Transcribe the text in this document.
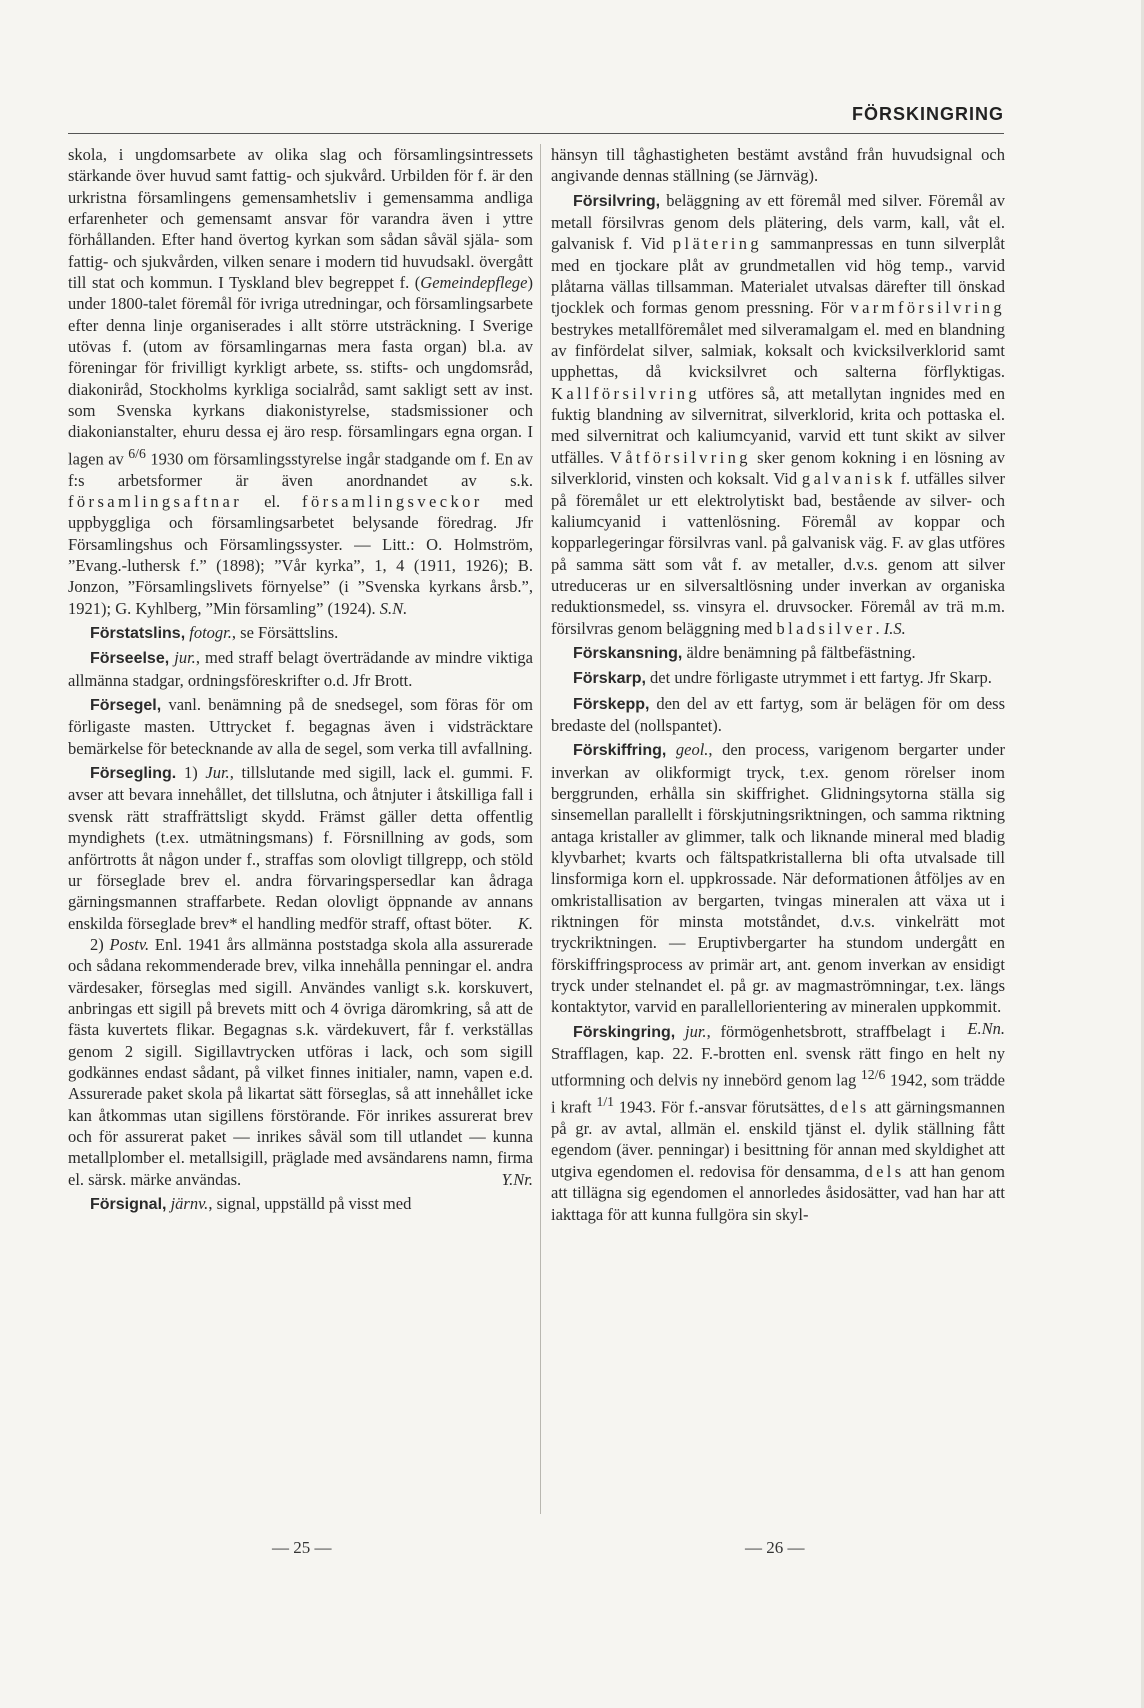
FÖRSKINGRING

skola, i ungdomsarbete av olika slag och församlingsintressets stärkande över huvud samt fattig- och sjukvård. Urbilden för f. är den urkristna församlingens gemensamhetsliv i gemensamma andliga erfarenheter och gemensamt ansvar för varandra även i yttre förhållanden. Efter hand övertog kyrkan som sådan såväl själa- som fattig- och sjukvården, vilken senare i modern tid huvudsakl. övergått till stat och kommun. I Tyskland blev begreppet f. (Gemeindepflege) under 1800-talet föremål för ivriga utredningar, och församlingsarbete efter denna linje organiserades i allt större utsträckning. I Sverige utövas f. (utom av församlingarnas mera fasta organ) bl.a. av föreningar för frivilligt kyrkligt arbete, ss. stifts- och ungdomsråd, diakoniråd, Stockholms kyrkliga socialråd, samt sakligt sett av inst. som Svenska kyrkans diakonistyrelse, stadsmissioner och diakonianstalter, ehuru dessa ej äro resp. församlingars egna organ. I lagen av $^{6/6}$ 1930 om församlingsstyrelse ingår stadgande om f. En av f:s arbetsformer är även anordnandet av s.k. församlingsaftnar el. församlingsveckor med uppbyggliga och församlingsarbetet belysande föredrag. Jfr Församlingshus och Församlingssyster. — Litt.: O. Holmström, ”Evang.-luthersk f.” (1898); ”Vår kyrka”, 1, 4 (1911, 1926); B. Jonzon, ”Församlingslivets förnyelse” (i ”Svenska kyrkans årsb.”, 1921); G. Kyhlberg, ”Min församling” (1924). S.N.

Förstatslins, fotogr., se Försättslins.

Förseelse, jur., med straff belagt överträdande av mindre viktiga allmänna stadgar, ordningsföreskrifter o.d. Jfr Brott.

Försegel, vanl. benämning på de snedsegel, som föras för om förligaste masten. Uttrycket f. begagnas även i vidsträcktare bemärkelse för betecknande av alla de segel, som verka till avfallning.

Försegling. 1) Jur., tillslutande med sigill, lack el. gummi. F. avser att bevara innehållet, det tillslutna, och åtnjuter i åtskilliga fall i svensk rätt straffrättsligt skydd. Främst gäller detta offentlig myndighets (t.ex. utmätningsmans) f. Försnillning av gods, som anförtrotts åt någon under f., straffas som olovligt tillgrepp, och stöld ur förseglade brev el. andra förvaringspersedlar kan ådraga gärningsmannen straffarbete. Redan olovligt öppnande av annans enskilda förseglade brev* el handling medför straff, oftast böter.	K.

2) Postv. Enl. 1941 års allmänna poststadga skola alla assurerade och sådana rekommenderade brev, vilka innehålla penningar el. andra värdesaker, förseglas med sigill. Användes vanligt s.k. korskuvert, anbringas ett sigill på brevets mitt och 4 övriga däromkring, så att de fästa kuvertets flikar. Begagnas s.k. värdekuvert, får f. verkställas genom 2 sigill. Sigillavtrycken utföras i lack, och som sigill godkännes endast sådant, på vilket finnes initialer, namn, vapen e.d. Assurerade paket skola på likartat sätt förseglas, så att innehållet icke kan åtkommas utan sigillens förstörande. För inrikes assurerat brev och för assurerat paket — inrikes såväl som till utlandet — kunna metallplomber el. metallsigill, präglade med avsändarens namn, firma el. särsk. märke användas.	Y.Nr.

Försignal, järnv., signal, uppställd på visst med

hänsyn till tåghastigheten bestämt avstånd från huvudsignal och angivande dennas ställning (se Järnväg).

Försilvring, beläggning av ett föremål med silver. Föremål av metall försilvras genom dels plätering, dels varm, kall, våt el. galvanisk f. Vid plätering sammanpressas en tunn silverplåt med en tjockare plåt av grundmetallen vid hög temp., varvid plåtarna vällas tillsamman. Materialet utvalsas därefter till önskad tjocklek och formas genom pressning. För varmförsilvring bestrykes metallföremålet med silveramalgam el. med en blandning av finfördelat silver, salmiak, koksalt och kvicksilverklorid samt upphettas, då kvicksilvret och salterna förflyktigas. Kallförsilvring utföres så, att metallytan ingnides med en fuktig blandning av silvernitrat, silverklorid, krita och pottaska el. med silvernitrat och kaliumcyanid, varvid ett tunt skikt av silver utfälles. Våtförsilvring sker genom kokning i en lösning av silverklorid, vinsten och koksalt. Vid galvanisk f. utfälles silver på föremålet ur ett elektrolytiskt bad, bestående av silver- och kaliumcyanid i vattenlösning. Föremål av koppar och kopparlegeringar försilvras vanl. på galvanisk väg. F. av glas utföres på samma sätt som våt f. av metaller, d.v.s. genom att silver utreduceras ur en silversaltlösning under inverkan av organiska reduktionsmedel, ss. vinsyra el. druvsocker. Föremål av trä m.m. försilvras genom beläggning med bladsilver. I.S.

Förskansning, äldre benämning på fältbefästning.

Förskarp, det undre förligaste utrymmet i ett fartyg. Jfr Skarp.

Förskepp, den del av ett fartyg, som är belägen för om dess bredaste del (nollspantet).

Förskiffring, geol., den process, varigenom bergarter under inverkan av olikformigt tryck, t.ex. genom rörelser inom berggrunden, erhålla sin skiffrighet. Glidningsytorna ställa sig sinsemellan parallellt i förskjutningsriktningen, och samma riktning antaga kristaller av glimmer, talk och liknande mineral med bladig klyvbarhet; kvarts och fältspatkristallerna bli ofta utvalsade till linsformiga korn el. uppkrossade. När deformationen åtföljes av en omkristallisation av bergarten, tvingas mineralen att växa ut i riktningen för minsta motståndet, d.v.s. vinkelrätt mot tryckriktningen. — Eruptivbergarter ha stundom undergått en förskiffringsprocess av primär art, ant. genom inverkan av ensidigt tryck under stelnandet el. på gr. av magmaströmningar, t.ex. längs kontaktytor, varvid en parallellorientering av mineralen uppkommit.
E.Nn.

Förskingring, jur., förmögenhetsbrott, straffbelagt i Strafflagen, kap. 22. F.-brotten enl. svensk rätt fingo en helt ny utformning och delvis ny innebörd genom lag $^{12/6}$ 1942, som trädde i kraft $^{1/1}$ 1943. För f.-ansvar förutsättes, dels att gärningsmannen på gr. av avtal, allmän el. enskild tjänst el. dylik ställning fått egendom (äver. penningar) i besittning för annan med skyldighet att utgiva egendomen el. redovisa för densamma, dels att han genom att tillägna sig egendomen el annorledes åsidosätter, vad han har att iakttaga för att kunna fullgöra sin skyl-

— 25 —	— 26 —
